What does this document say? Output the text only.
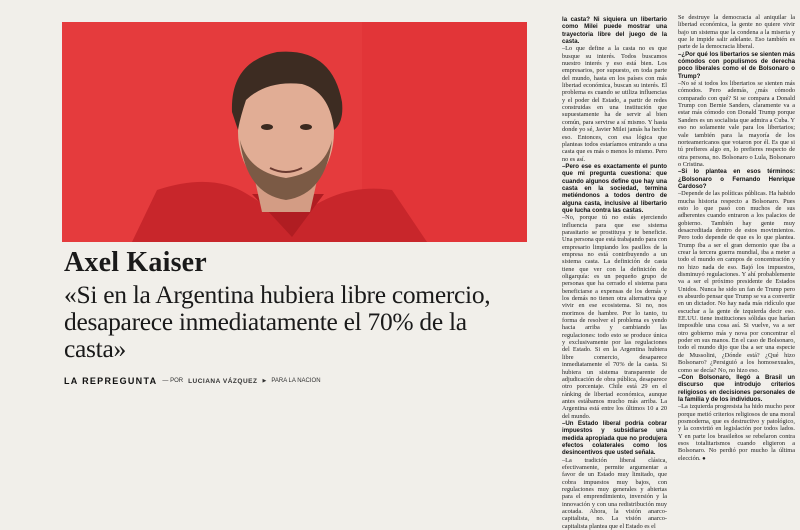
Axel Kaiser

«Si en la Argentina hubiera libre comercio, desaparece inmediatamente el 70% de la casta»

LA REPREGUNTA — POR LUCIANA VÁZQUEZ ▶ PARA LA NACION

la casta? Ni siquiera un libertario como Milei puede mostrar una trayectoria libre del juego de la casta.

–Lo que define a la casta no es que busque su interés. Todos buscamos nuestro interés y eso está bien. Los empresarios, por supuesto, en toda parte del mundo, hasta en los países con más libertad económica, buscan su interés. El problema es cuando se utiliza influencias y el poder del Estado, a partir de redes construidas en una institución que supuestamente ha de servir al bien común, para servirse a sí mismo. Y hasta donde yo sé, Javier Milei jamás ha hecho eso. Entonces, con esa lógica que planteas todos estaríamos entrando a una casta que es más o menos lo mismo. Pero no es así.

–Pero ese es exactamente el punto que mi pregunta cuestiona: que cuando algunos define que hay una casta en la sociedad, termina metiéndonos a todos dentro de alguna casta, inclusive al libertario que lucha contra las castas.

–No, porque tú no estás ejerciendo influencia para que ese sistema parasitario se prostituya y te beneficie. Una persona que está trabajando para con empresario limpiando los pasillos de la empresa no está contribuyendo a un sistema casta. La definición de casta tiene que ver con la definición de oligarquía: es un pequeño grupo de personas que ha cerrado el sistema para beneficiarse a expensas de los demás y los demás no tienen otra alternativa que vivir en ese ecosistema. Si no, nos morimos de hambre. Por lo tanto, tu forma de resolver el problema es yendo hacia arriba y cambiando las regulaciones: todo esto se produce única y exclusivamente por las regulaciones del Estado. Si en la Argentina hubiera libre comercio, desaparece inmediatamente el 70% de la casta. Si hubiera un sistema transparente de adjudicación de obra pública, desaparece otro porcentaje. Chile está 29 en el ránking de libertad económica, aunque antes estábamos mucho más arriba. La Argentina está entre los últimos 10 a 20 del mundo.

–Un Estado liberal podría cobrar impuestos y subsidiarse una medida apropiada que no produjera efectos colaterales como los desincentivos que usted señala.

–La tradición liberal clásica, efectivamente, permite argumentar a favor de un Estado muy limitado, que cobra impuestos muy bajos, con regulaciones muy generales y abiertas para el emprendimiento, inversión y la innovación y con una redistribución muy acotada. Ahora, la visión anarco-capitalista, no. La visión anarco-capitalista plantea que el Estado es el

Se destruye la democracia al aniquilar la libertad económica, la gente no quiere vivir bajo un sistema que la condena a la miseria y que le impide salir adelante. Eso también es parte de la democracia liberal.

–¿Por qué los libertarios se sienten más cómodos con populismos de derecha poco liberales como el de Bolsonaro o Trump?

–No sé si todos los libertarios se sienten más cómodos. Pero además, ¿más cómodo comparado con qué? Si se compara a Donald Trump con Bernie Sanders, claramente va a estar más cómodo con Donald Trump porque Sanders es un socialista que admira a Cuba. Y eso no solamente vale para los libertarios; vale también para la mayoría de los norteamericanos que votaron por él. Es que si tú prefieres algo en, lo prefieres respecto de otra persona, no. Bolsonaro o Lula, Bolsonaro o Cristina.

–Si lo plantea en esos términos: ¿Bolsonaro o Fernando Henrique Cardoso?

–Depende de las políticas públicas. Ha habido mucha historia respecto a Bolsonaro. Pues esto lo que pasó con muchos de sus adherentes cuando entraron a los palacios de gobierno. También hay gente muy desacreditada dentro de estos movimientos. Pero todo depende de que es lo que plantea. Trump iba a ser el gran demonio que iba a crear la tercera guerra mundial, iba a meter a todo el mundo en campos de concentración y no hizo nada de eso. Bajó los impuestos, disminuyó regulaciones. Y ahí probablemente va a ser el próximo presidente de Estados Unidos. Nunca he sido un fan de Trump pero es absurdo pensar que Trump se va a convertir en un dictador. No hay nada más ridículo que escuchar a la gente de izquierda decir eso. EE.UU. tiene instituciones sólidas que harían imposible una cosa así. Si vuelve, va a ser otro gobierno más y nova por concentrar el poder en sus manos. En el caso de Bolsonaro, todo el mundo dijo que iba a ser una especie de Mussolini, ¿Dónde está? ¿Qué hizo Bolsonaro? ¿Persiguió a los homosexuales, como se decía? No, no hizo eso.

–Con Bolsonaro, llegó a Brasil un discurso que introdujo criterios religiosos en decisiones personales de la familia y de los individuos.

–La izquierda progresista ha hido mucho peor porque metió criterios religiosos de una moral posmoderna, que es destructivo y patológico, y la convirtió en legislación por todos lados. Y en parte los brasileños se rebelaron contra esos totalitarismos cuando eligieron a Bolsonaro. No perdió por mucho la última elección. ●
